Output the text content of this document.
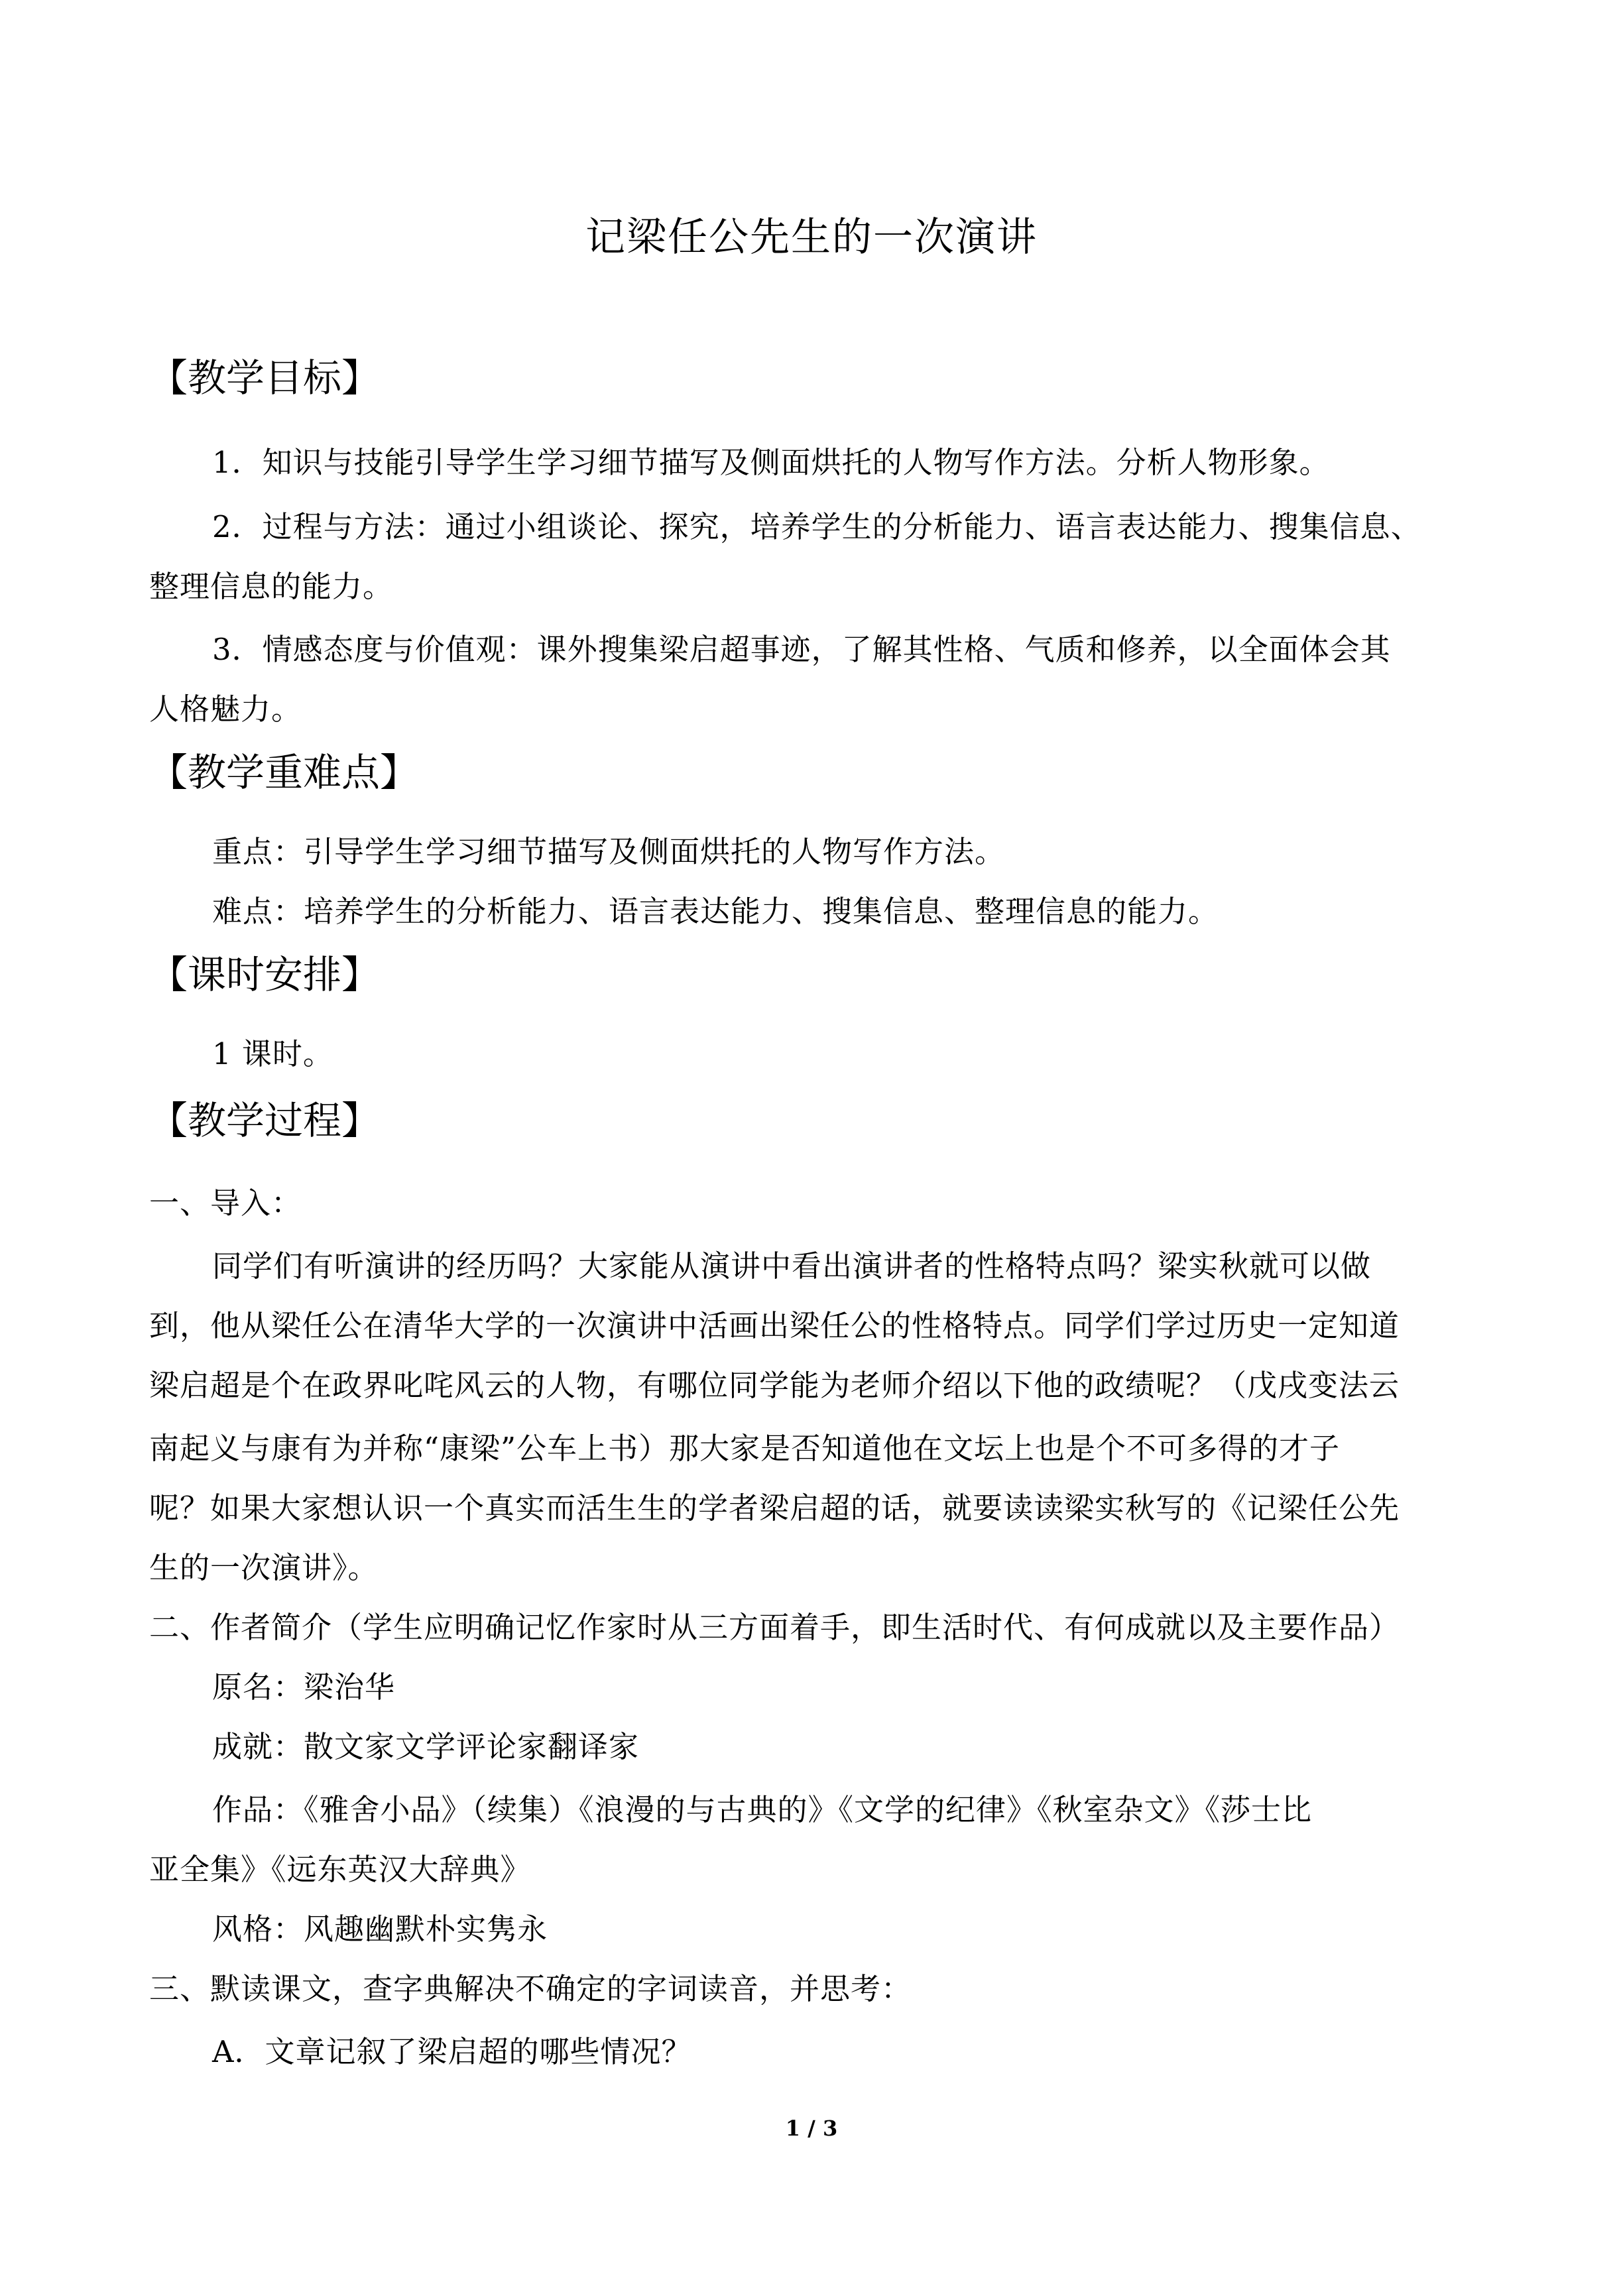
记梁任公先生的一次演讲
【教学目标】
1．知识与技能引导学生学习细节描写及侧面烘托的人物写作方法。分析人物形象。
2．过程与方法：通过小组谈论、探究，培养学生的分析能力、语言表达能力、搜集信息、
整理信息的能力。
3．情感态度与价值观：课外搜集梁启超事迹，了解其性格、气质和修养，以全面体会其
人格魅力。
【教学重难点】
重点：引导学生学习细节描写及侧面烘托的人物写作方法。
难点：培养学生的分析能力、语言表达能力、搜集信息、整理信息的能力。
【课时安排】
1 课时。
【教学过程】
一、导入：
同学们有听演讲的经历吗？大家能从演讲中看出演讲者的性格特点吗？梁实秋就可以做
到，他从梁任公在清华大学的一次演讲中活画出梁任公的性格特点。同学们学过历史一定知道
梁启超是个在政界叱咤风云的人物，有哪位同学能为老师介绍以下他的政绩呢？（戊戌变法云
南起义与康有为并称“康梁”公车上书）那大家是否知道他在文坛上也是个不可多得的才子
呢？如果大家想认识一个真实而活生生的学者梁启超的话，就要读读梁实秋写的《记梁任公先
生的一次演讲》。
二、作者简介（学生应明确记忆作家时从三方面着手，即生活时代、有何成就以及主要作品）
原名：梁治华
成就：散文家文学评论家翻译家
作品：《雅舍小品》（续集）《浪漫的与古典的》《文学的纪律》《秋室杂文》《莎士比
亚全集》《远东英汉大辞典》
风格：风趣幽默朴实隽永
三、默读课文，查字典解决不确定的字词读音，并思考：
A．文章记叙了梁启超的哪些情况？
1 / 3
